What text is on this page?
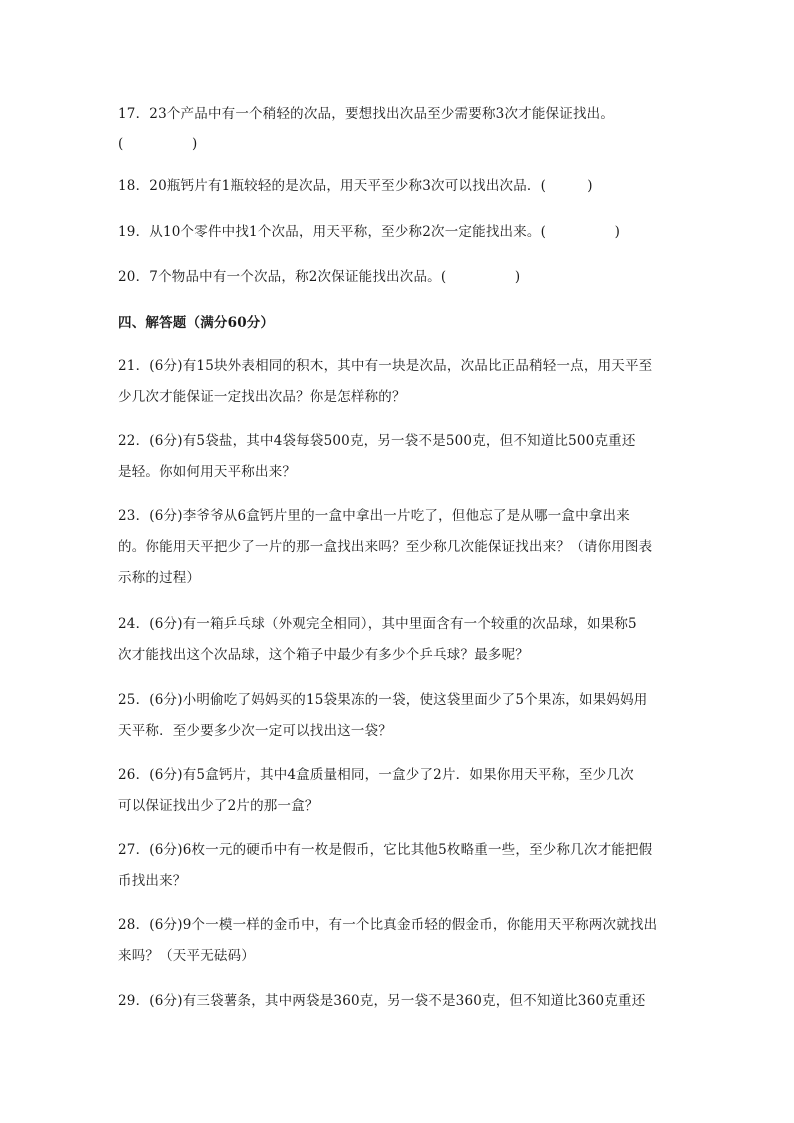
17．23个产品中有一个稍轻的次品，要想找出次品至少需要称3次才能保证找出。
(　　　　　)
18．20瓶钙片有1瓶较轻的是次品，用天平至少称3次可以找出次品．(　　　)
19．从10个零件中找1个次品，用天平称，至少称2次一定能找出来。(　　　　　)
20．7个物品中有一个次品，称2次保证能找出次品。(　　　　　)
四、解答题（满分60分）
21．(6分)有15块外表相同的积木，其中有一块是次品，次品比正品稍轻一点，用天平至
少几次才能保证一定找出次品？你是怎样称的？
22．(6分)有5袋盐，其中4袋每袋500克，另一袋不是500克，但不知道比500克重还
是轻。你如何用天平称出来？
23．(6分)李爷爷从6盒钙片里的一盒中拿出一片吃了，但他忘了是从哪一盒中拿出来
的。你能用天平把少了一片的那一盒找出来吗？至少称几次能保证找出来？（请你用图表
示称的过程）
24．(6分)有一箱乒乓球（外观完全相同），其中里面含有一个较重的次品球，如果称5
次才能找出这个次品球，这个箱子中最少有多少个乒乓球？最多呢？
25．(6分)小明偷吃了妈妈买的15袋果冻的一袋，使这袋里面少了5个果冻，如果妈妈用
天平称．至少要多少次一定可以找出这一袋？
26．(6分)有5盒钙片，其中4盒质量相同，一盒少了2片．如果你用天平称，至少几次
可以保证找出少了2片的那一盒？
27．(6分)6枚一元的硬币中有一枚是假币，它比其他5枚略重一些，至少称几次才能把假
币找出来？
28．(6分)9个一模一样的金币中，有一个比真金币轻的假金币，你能用天平称两次就找出
来吗？（天平无砝码）
29．(6分)有三袋薯条，其中两袋是360克，另一袋不是360克，但不知道比360克重还
